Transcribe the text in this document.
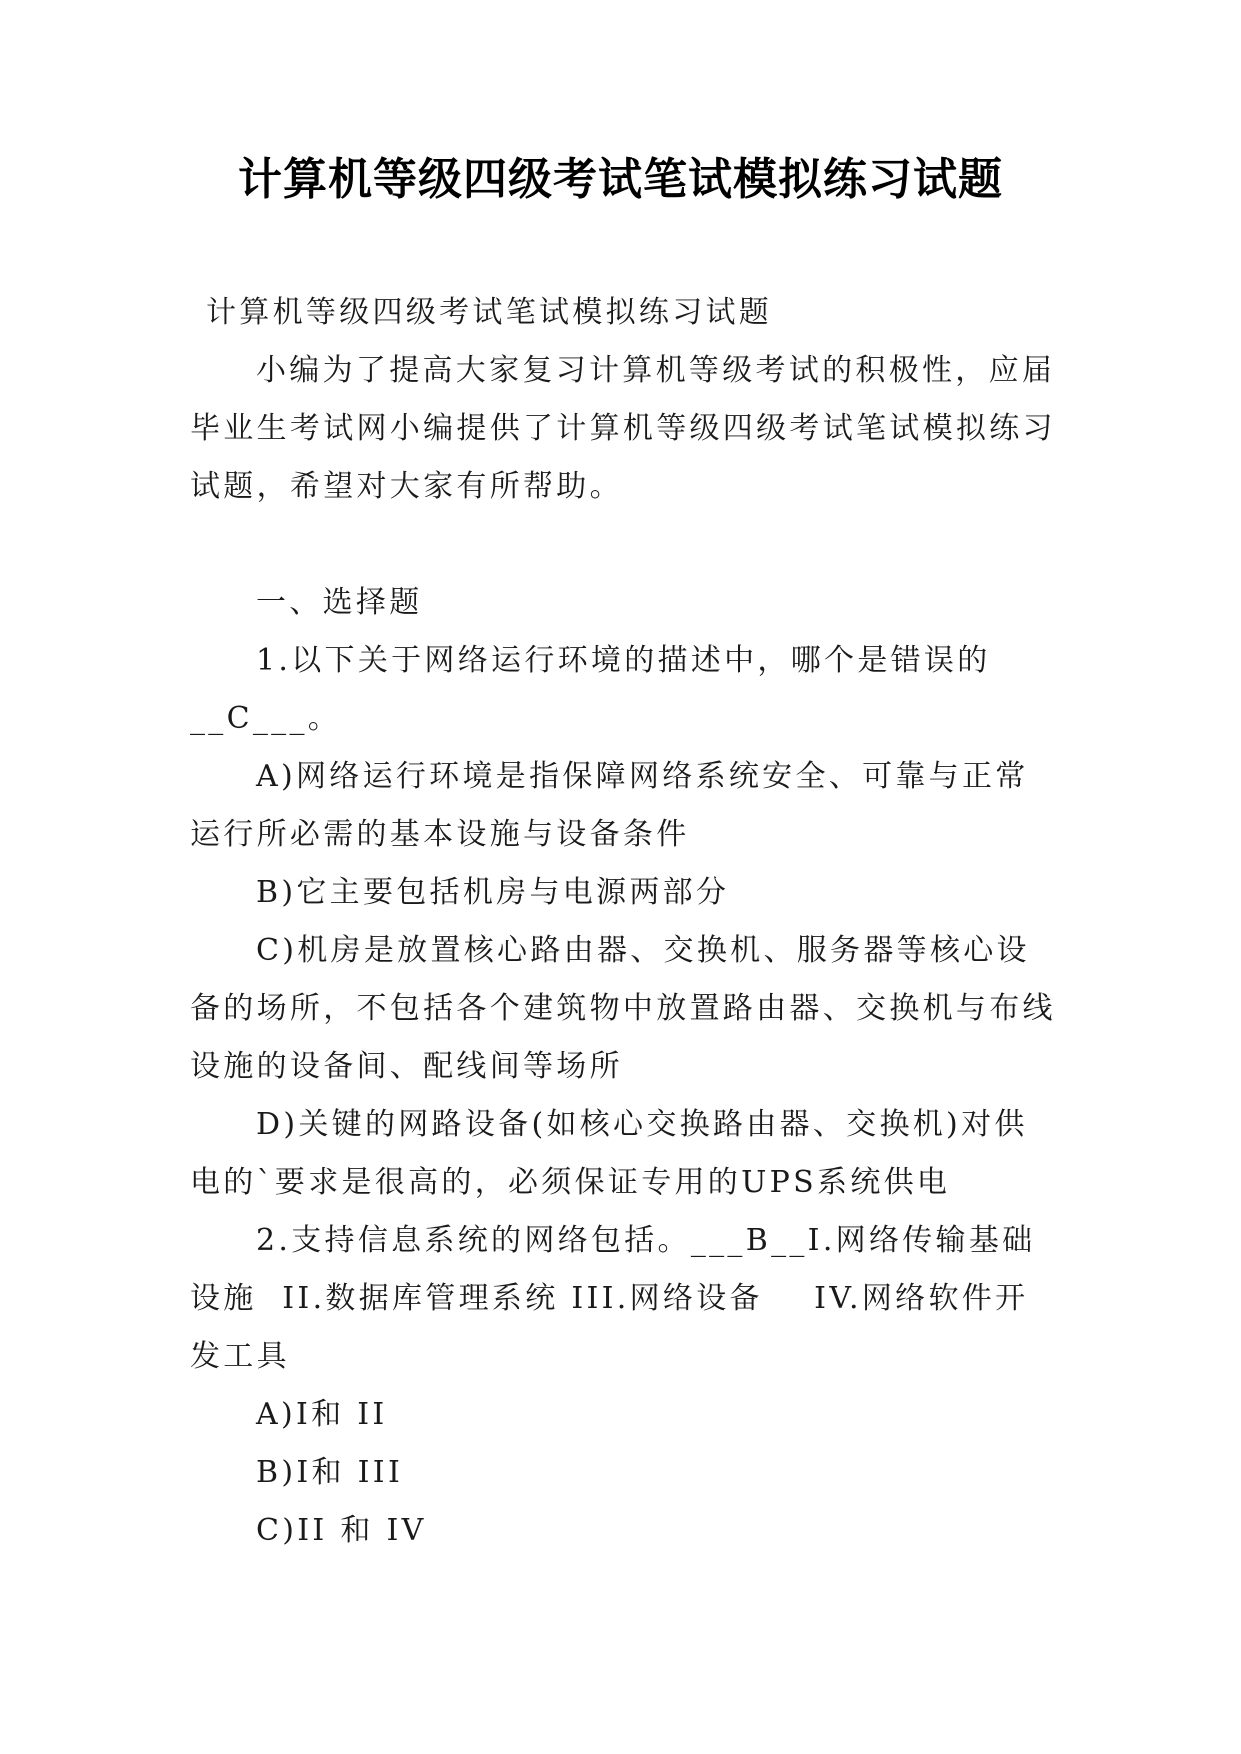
计算机等级四级考试笔试模拟练习试题

计算机等级四级考试笔试模拟练习试题

小编为了提高大家复习计算机等级考试的积极性，应届毕业生考试网小编提供了计算机等级四级考试笔试模拟练习试题，希望对大家有所帮助。

一、选择题

1.以下关于网络运行环境的描述中，哪个是错误的__C___。

A)网络运行环境是指保障网络系统安全、可靠与正常运行所必需的基本设施与设备条件

B)它主要包括机房与电源两部分

C)机房是放置核心路由器、交换机、服务器等核心设备的场所，不包括各个建筑物中放置路由器、交换机与布线设施的设备间、配线间等场所

D)关键的网路设备(如核心交换路由器、交换机)对供电的`要求是很高的，必须保证专用的UPS系统供电

2.支持信息系统的网络包括。___B__Ⅰ.网络传输基础设施  II.数据库管理系统 III.网络设备    IV.网络软件开发工具

A)Ⅰ和 II

B)Ⅰ和 III

C)II 和 IV
